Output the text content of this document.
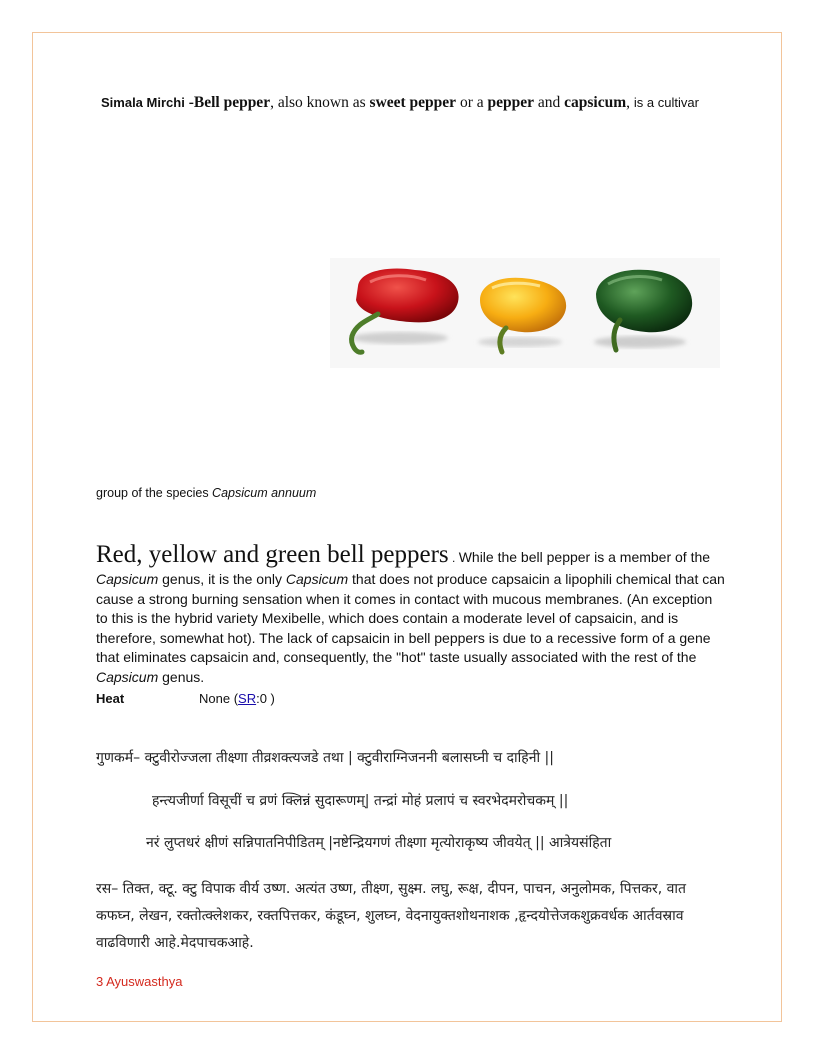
Simala Mirchi -Bell pepper, also known as sweet pepper or a pepper and capsicum, is a cultivar
group of the species Capsicum annuum

Red, yellow and green bell peppers . While the bell pepper is a member of the Capsicum genus, it is the only Capsicum that does not produce capsaicin a lipophili chemical that can cause a strong burning sensation when it comes in contact with mucous membranes. (An exception to this is the hybrid variety Mexibelle, which does contain a moderate level of capsaicin, and is therefore, somewhat hot). The lack of capsaicin in bell peppers is due to a recessive form of a gene that eliminates capsaicin and, consequently, the "hot" taste usually associated with the rest of the Capsicum genus.

Heat	None (SR:0 )
गुणकर्म– क्टुवीरोज्जला तीक्ष्णा तीव्रशक्त्यजडे तथा | क्टुवीराग्निजननी बलासघ्नी च दाहिनी ||
हन्त्यजीर्णा विसूचीं च व्रणं क्लिन्नं सुदारूणम्| तन्द्रां मोहं प्रलापं च स्वरभेदमरोचकम् ||
नरं लुप्तधरं क्षीणं सन्निपातनिपीडितम् |नष्टेन्द्रियगणं तीक्ष्णा मृत्योराकृष्य जीवयेत् || आत्रेयसंहिता
रस– तिक्त, क्टू. क्टु विपाक वीर्य उष्ण. अत्यंत उष्ण, तीक्ष्ण, सुक्ष्म. लघु, रूक्ष, दीपन, पाचन, अनुलोमक, पित्तकर, वात कफघ्न, लेखन, रक्तोत्क्लेशकर, रक्तपित्तकर, कंडूघ्न, शुलघ्न, वेदनायुक्तशोथनाशक ,हृन्दयोत्तेजकशुक्रवर्धक आर्तवस्राव वाढविणारी आहे.मेदपाचकआहे.
3 Ayuswasthya
